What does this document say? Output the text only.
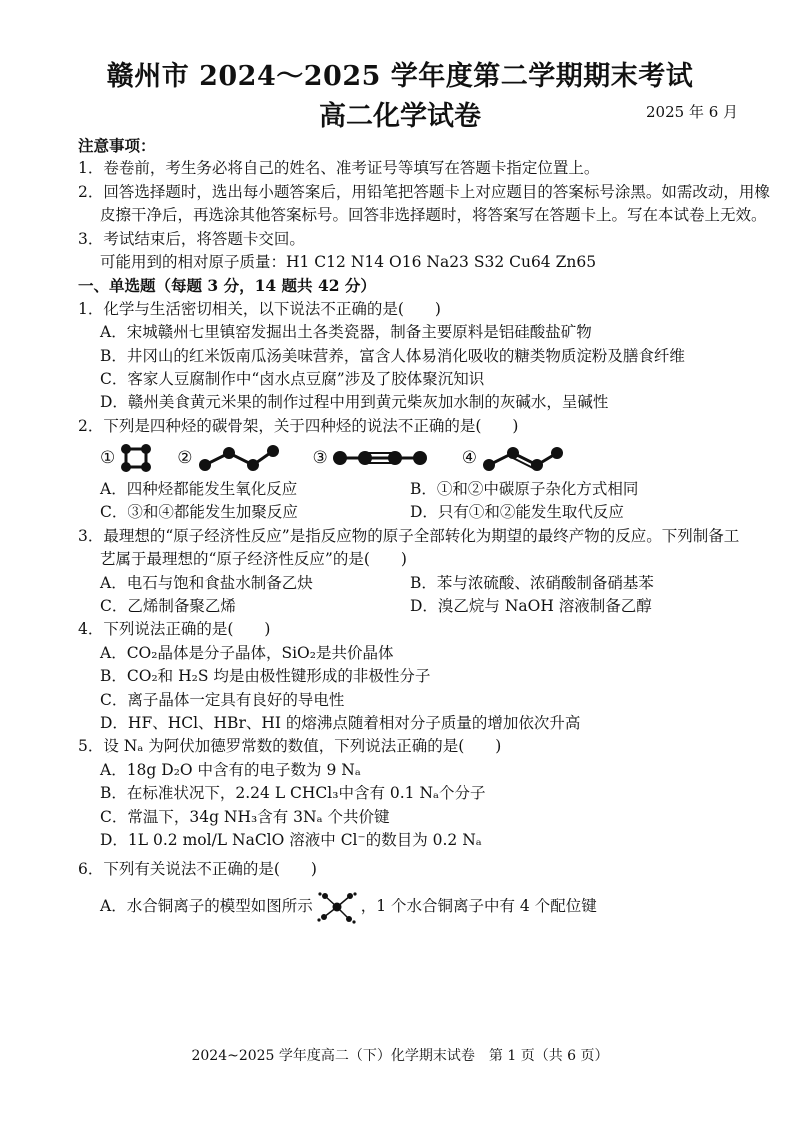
赣州市 2024～2025 学年度第二学期期末考试
高二化学试卷	2025 年 6 月
注意事项：
1．卷卷前，考生务必将自己的姓名、准考证号等填写在答题卡指定位置上。
2．回答选择题时，选出每小题答案后，用铅笔把答题卡上对应题目的答案标号涂黑。如需改动，用橡
皮擦干净后，再选涂其他答案标号。回答非选择题时，将答案写在答题卡上。写在本试卷上无效。
3．考试结束后，将答题卡交回。
可能用到的相对原子质量：H1 C12 N14 O16 Na23 S32 Cu64 Zn65
一、单选题（每题 3 分，14 题共 42 分）
1．化学与生活密切相关，以下说法不正确的是(　　)
A．宋城赣州七里镇窑发掘出土各类瓷器，制备主要原料是铝硅酸盐矿物
B．井冈山的红米饭南瓜汤美味营养，富含人体易消化吸收的糖类物质淀粉及膳食纤维
C．客家人豆腐制作中“卤水点豆腐”涉及了胶体聚沉知识
D．赣州美食黄元米果的制作过程中用到黄元柴灰加水制的灰碱水，呈碱性
2．下列是四种烃的碳骨架，关于四种烃的说法不正确的是(　　)
①	②	③	④
A．四种烃都能发生氧化反应	B．①和②中碳原子杂化方式相同
C．③和④都能发生加聚反应	D．只有①和②能发生取代反应
3．最理想的“原子经济性反应”是指反应物的原子全部转化为期望的最终产物的反应。下列制备工
艺属于最理想的“原子经济性反应”的是(　　)
A．电石与饱和食盐水制备乙炔	B．苯与浓硫酸、浓硝酸制备硝基苯
C．乙烯制备聚乙烯	D．溴乙烷与 NaOH 溶液制备乙醇
4．下列说法正确的是(　　)
A．CO₂晶体是分子晶体，SiO₂是共价晶体
B．CO₂和 H₂S 均是由极性键形成的非极性分子
C．离子晶体一定具有良好的导电性
D．HF、HCl、HBr、HI 的熔沸点随着相对分子质量的增加依次升高
5．设 Nₐ 为阿伏加德罗常数的数值，下列说法正确的是(　　)
A．18g D₂O 中含有的电子数为 9 Nₐ
B．在标准状况下，2.24 L CHCl₃中含有 0.1 Nₐ个分子
C．常温下，34g NH₃含有 3Nₐ 个共价键
D．1L 0.2 mol/L NaClO 溶液中 Cl⁻的数目为 0.2 Nₐ
6．下列有关说法不正确的是(　　)
A．水合铜离子的模型如图所示	，1 个水合铜离子中有 4 个配位键
2024~2025 学年度高二（下）化学期末试卷　第 1 页（共 6 页）
